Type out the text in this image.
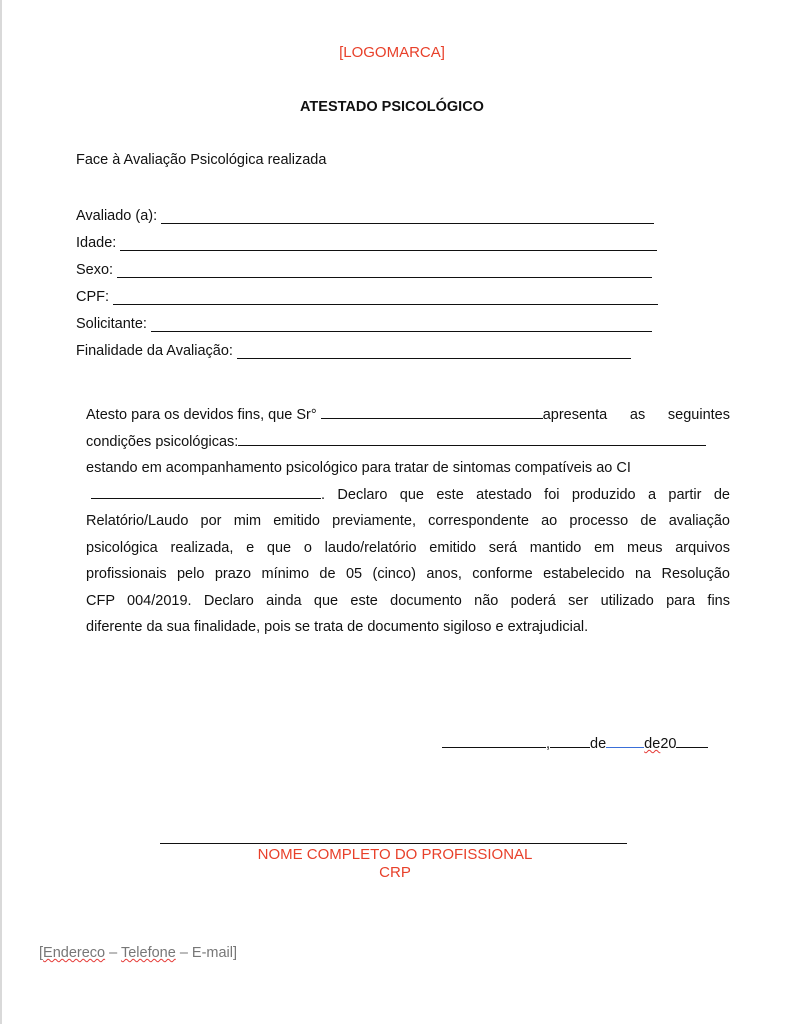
[LOGOMARCA]
ATESTADO PSICOLÓGICO
Face à Avaliação Psicológica realizada
Avaliado (a):
Idade:
Sexo:
CPF:
Solicitante:
Finalidade da Avaliação:
Atesto para os devidos fins, que Sr°	apresenta as seguintes
condições psicológicas:
estando em acompanhamento psicológico para tratar de sintomas compatíveis ao CI
. Declaro que este atestado foi produzido a partir de
Relatório/Laudo por mim emitido previamente, correspondente ao processo de avaliação
psicológica realizada, e que o laudo/relatório emitido será mantido em meus arquivos
profissionais pelo prazo mínimo de 05 (cinco) anos, conforme estabelecido na Resolução
CFP 004/2019. Declaro ainda que este documento não poderá ser utilizado para fins
diferente da sua finalidade, pois se trata de documento sigiloso e extrajudicial.
,	de	de 20
NOME COMPLETO DO PROFISSIONAL
CRP
[Endereco – Telefone – E-mail]
